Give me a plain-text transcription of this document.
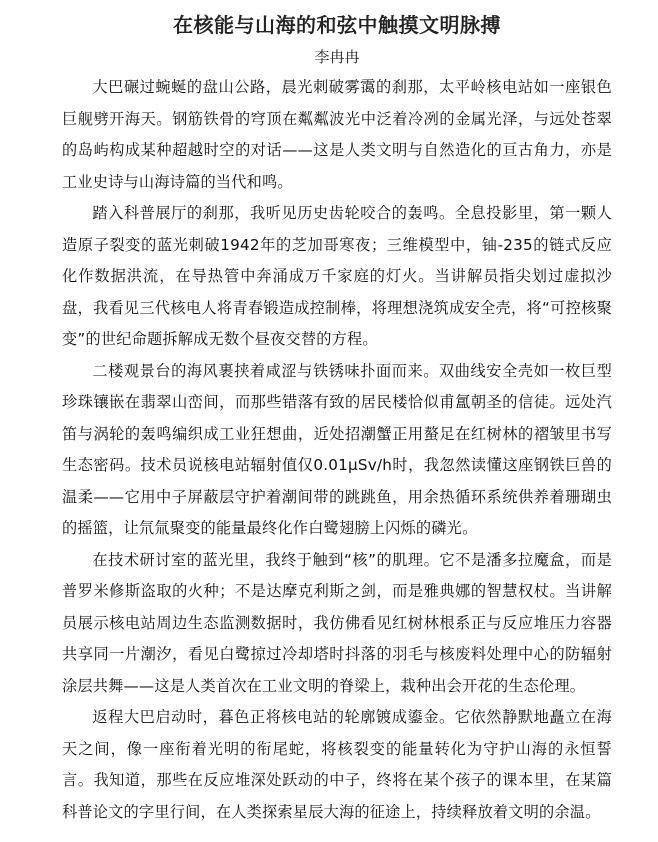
在核能与山海的和弦中触摸文明脉搏
李冉冉

大巴碾过蜿蜒的盘山公路，晨光刺破雾霭的刹那，太平岭核电站如一座银色巨舰劈开海天。钢筋铁骨的穹顶在粼粼波光中泛着冷冽的金属光泽，与远处苍翠的岛屿构成某种超越时空的对话——这是人类文明与自然造化的亘古角力，亦是工业史诗与山海诗篇的当代和鸣。

踏入科普展厅的刹那，我听见历史齿轮咬合的轰鸣。全息投影里，第一颗人造原子裂变的蓝光刺破1942年的芝加哥寒夜；三维模型中，铀-235的链式反应化作数据洪流，在导热管中奔涌成万千家庭的灯火。当讲解员指尖划过虚拟沙盘，我看见三代核电人将青春锻造成控制棒，将理想浇筑成安全壳，将“可控核聚变”的世纪命题拆解成无数个昼夜交替的方程。

二楼观景台的海风裹挟着咸涩与铁锈味扑面而来。双曲线安全壳如一枚巨型珍珠镶嵌在翡翠山峦间，而那些错落有致的居民楼恰似甫氲朝圣的信徒。远处汽笛与涡轮的轰鸣编织成工业狂想曲，近处招潮蟹正用螯足在红树林的褶皱里书写生态密码。技术员说核电站辐射值仅0.01μSv/h时，我忽然读懂这座钢铁巨兽的温柔——它用中子屏蔽层守护着潮间带的跳跳鱼，用余热循环系统供养着珊瑚虫的摇篮，让氘氚聚变的能量最终化作白鹭翅膀上闪烁的磷光。

在技术研讨室的蓝光里，我终于触到“核”的肌理。它不是潘多拉魔盒，而是普罗米修斯盗取的火种；不是达摩克利斯之剑，而是雅典娜的智慧权杖。当讲解员展示核电站周边生态监测数据时，我仿佛看见红树林根系正与反应堆压力容器共享同一片潮汐，看见白鹭掠过冷却塔时抖落的羽毛与核废料处理中心的防辐射涂层共舞——这是人类首次在工业文明的脊梁上，栽种出会开花的生态伦理。

返程大巴启动时，暮色正将核电站的轮廓镀成鎏金。它依然静默地矗立在海天之间，像一座衔着光明的衔尾蛇，将核裂变的能量转化为守护山海的永恒誓言。我知道，那些在反应堆深处跃动的中子，终将在某个孩子的课本里，在某篇科普论文的字里行间，在人类探索星辰大海的征途上，持续释放着文明的余温。
